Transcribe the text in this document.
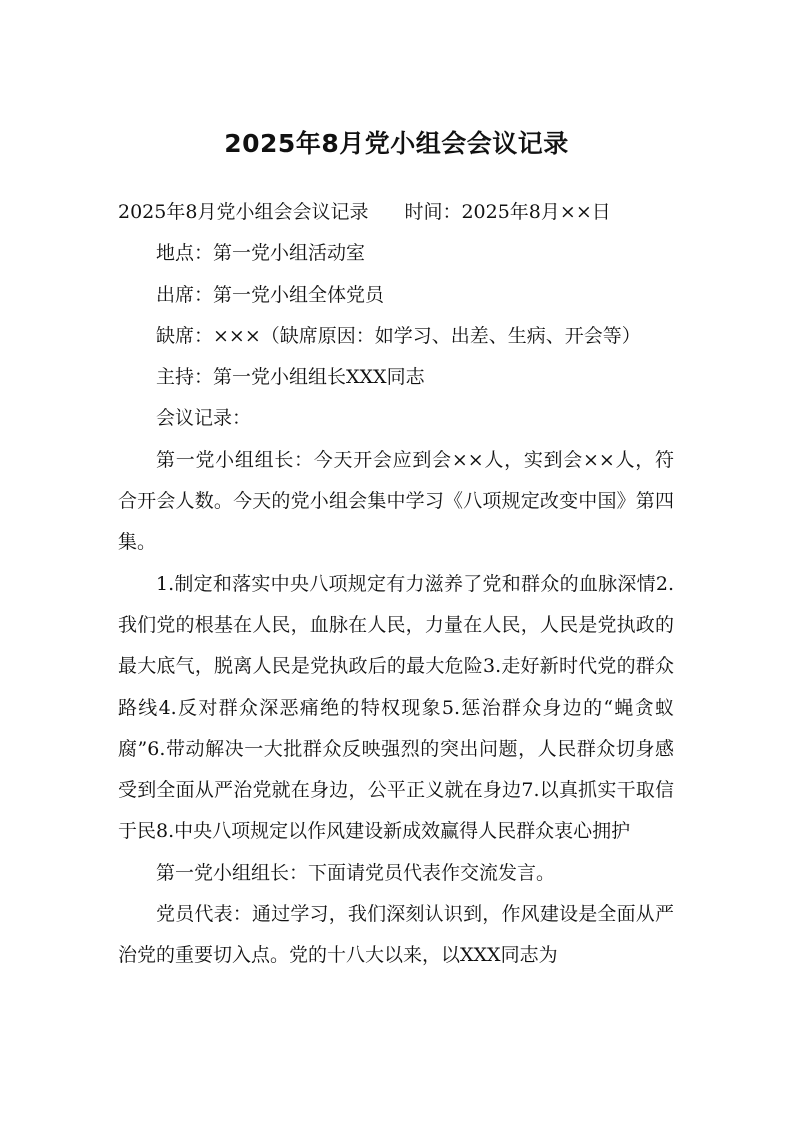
2025年8月党小组会会议记录

2025年8月党小组会会议记录 时间：2025年8月××日

地点：第一党小组活动室

出席：第一党小组全体党员

缺席：×××（缺席原因：如学习、出差、生病、开会等）

主持：第一党小组组长XXX同志

会议记录：

第一党小组组长：今天开会应到会××人，实到会××人，符合开会人数。今天的党小组会集中学习《八项规定改变中国》第四集。

1.制定和落实中央八项规定有力滋养了党和群众的血脉深情2.我们党的根基在人民，血脉在人民，力量在人民，人民是党执政的最大底气，脱离人民是党执政后的最大危险3.走好新时代党的群众路线4.反对群众深恶痛绝的特权现象5.惩治群众身边的“蝇贪蚁腐”6.带动解决一大批群众反映强烈的突出问题，人民群众切身感受到全面从严治党就在身边，公平正义就在身边7.以真抓实干取信于民8.中央八项规定以作风建设新成效赢得人民群众衷心拥护

第一党小组组长：下面请党员代表作交流发言。

党员代表：通过学习，我们深刻认识到，作风建设是全面从严治党的重要切入点。党的十八大以来，以XXX同志为
